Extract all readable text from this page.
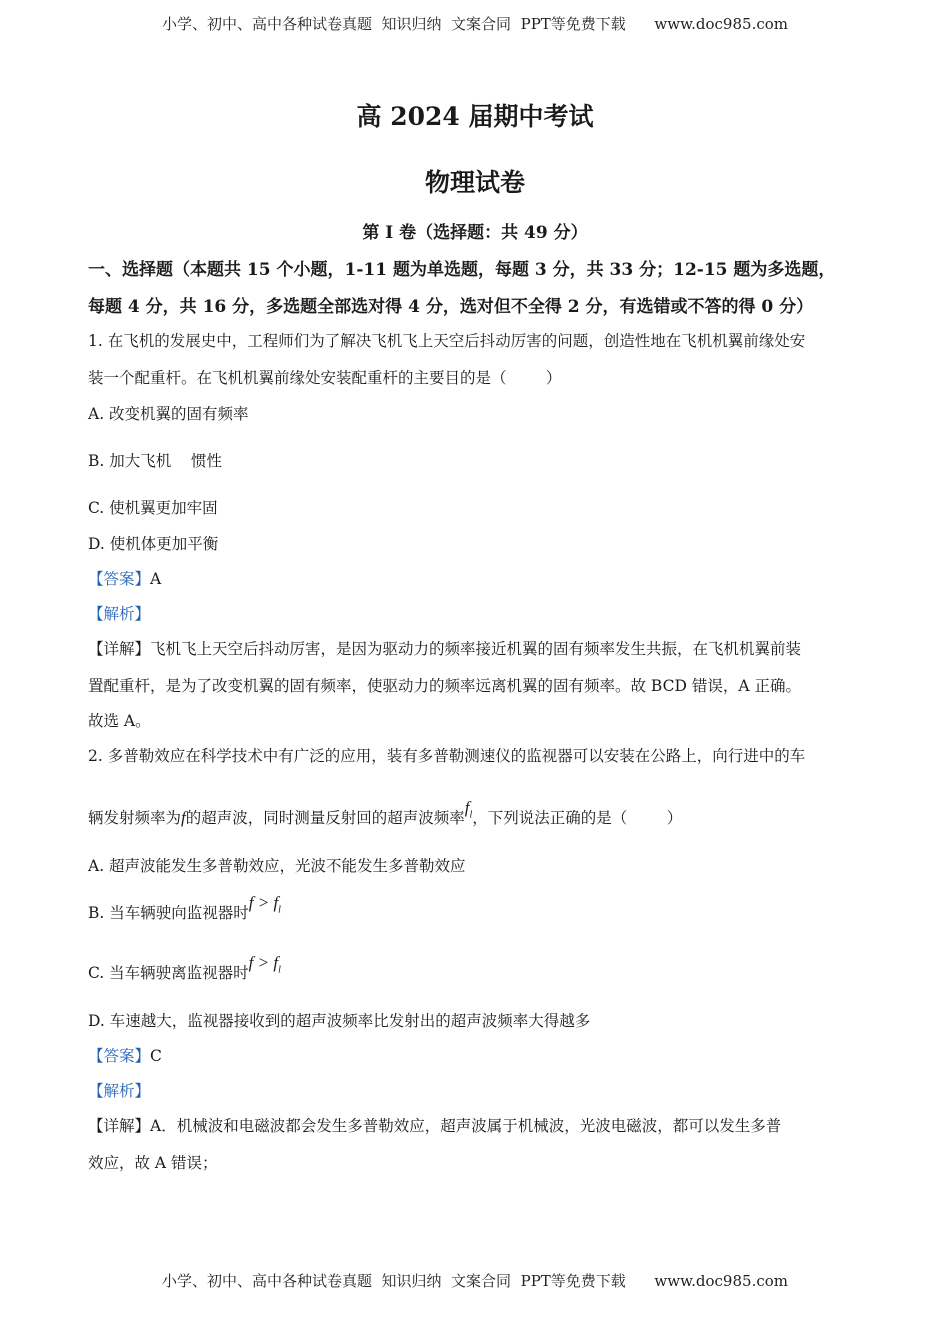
小学、初中、高中各种试卷真题  知识归纳  文案合同  PPT等免费下载      www.doc985.com
高 2024 届期中考试
物理试卷
第 I 卷（选择题：共 49 分）
一、选择题（本题共 15 个小题，1-11 题为单选题，每题 3 分，共 33 分；12-15 题为多选题，
每题 4 分，共 16 分，多选题全部选对得 4 分，选对但不全得 2 分，有选错或不答的得 0 分）
1. 在飞机的发展史中，工程师们为了解决飞机飞上天空后抖动厉害的问题，创造性地在飞机机翼前缘处安
装一个配重杆。在飞机机翼前缘处安装配重杆的主要目的是（        ）
A. 改变机翼的固有频率
B. 加大飞机    惯性
C. 使机翼更加牢固
D. 使机体更加平衡
【答案】A
【解析】
【详解】飞机飞上天空后抖动厉害，是因为驱动力的频率接近机翼的固有频率发生共振，在飞机机翼前装
置配重杆，是为了改变机翼的固有频率，使驱动力的频率远离机翼的固有频率。故 BCD 错误，A 正确。
故选 A。
2. 多普勒效应在科学技术中有广泛的应用，装有多普勒测速仪的监视器可以安装在公路上，向行进中的车
辆发射频率为f的超声波，同时测量反射回的超声波频率$f_l$，下列说法正确的是（        ）
A. 超声波能发生多普勒效应，光波不能发生多普勒效应
B. 当车辆驶向监视器时$f > f_l$
C. 当车辆驶离监视器时$f > f_l$
D. 车速越大，监视器接收到的超声波频率比发射出的超声波频率大得越多
【答案】C
【解析】
【详解】A．机械波和电磁波都会发生多普勒效应，超声波属于机械波，光波电磁波，都可以发生多普
效应，故 A 错误；
小学、初中、高中各种试卷真题  知识归纳  文案合同  PPT等免费下载      www.doc985.com
